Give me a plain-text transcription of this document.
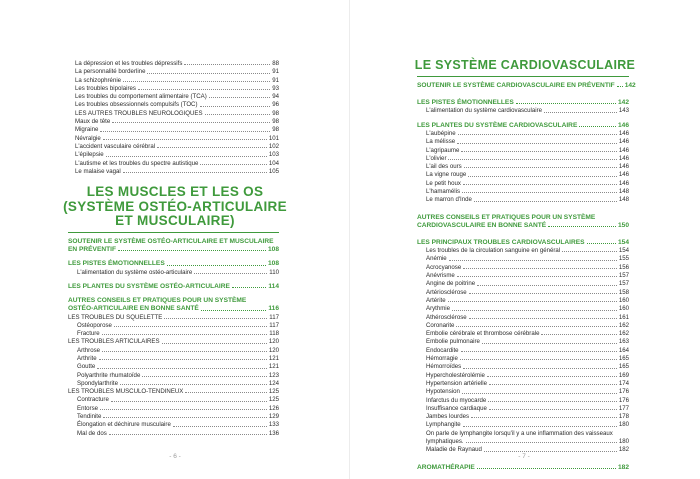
La dépression et les troubles dépressifs	88
La personnalité borderline	91
La schizophrénie	91
Les troubles bipolaires	93
Les troubles du comportement alimentaire (TCA)	94
Les troubles obsessionnels compulsifs (TOC)	96
LES AUTRES TROUBLES NEUROLOGIQUES	98
Maux de tête	98
Migraine	98
Névralgie	101
L'accident vasculaire cérébral	102
L'épilepsie	103
L'autisme et les troubles du spectre autistique	104
Le malaise vagal	105
LES MUSCLES ET LES OS
(SYSTÈME OSTÉO-ARTICULAIRE
ET MUSCULAIRE)
SOUTENIR LE SYSTÈME OSTÉO-ARTICULAIRE ET MUSCULAIRE
EN PRÉVENTIF	108
LES PISTES ÉMOTIONNELLES	108
L'alimentation du système ostéo-articulaire	110
LES PLANTES DU SYSTÈME OSTÉO-ARTICULAIRE	114
AUTRES CONSEILS ET PRATIQUES POUR UN SYSTÈME
OSTÉO-ARTICULAIRE EN BONNE SANTÉ	116
LES TROUBLES DU SQUELETTE	117
Ostéoporose	117
Fracture	118
LES TROUBLES ARTICULAIRES	120
Arthrose	120
Arthrite	121
Goutte	121
Polyarthrite rhumatoïde	123
Spondylarthrite	124
LES TROUBLES MUSCULO-TENDINEUX	125
Contracture	125
Entorse	126
Tendinite	129
Élongation et déchirure musculaire	133
Mal de dos	136
- 6 -
LE SYSTÈME CARDIOVASCULAIRE
SOUTENIR LE SYSTÈME CARDIOVASCULAIRE EN PRÉVENTIF 142
LES PISTES ÉMOTIONNELLES	142
L'alimentation du système cardiovasculaire	143
LES PLANTES DU SYSTÈME CARDIOVASCULAIRE	146
L'aubépine	146
La mélisse	146
L'agripaume	146
L'olivier	146
L'ail des ours	146
La vigne rouge	146
Le petit houx	146
L'hamamélis	148
Le marron d'Inde	148
AUTRES CONSEILS ET PRATIQUES POUR UN SYSTÈME
CARDIOVASCULAIRE EN BONNE SANTÉ	150
LES PRINCIPAUX TROUBLES CARDIOVASCULAIRES	154
Les troubles de la circulation sanguine en général	154
Anémie	155
Acrocyanose	156
Anévrisme	157
Angine de poitrine	157
Artériosclérose	158
Artérite	160
Arythmie	160
Athérosclérose	161
Coronarite	162
Embolie cérébrale et thrombose cérébrale	162
Embolie pulmonaire	163
Endocardite	164
Hémorragie	165
Hémorroïdes	165
Hypercholestérolémie	169
Hypertension artérielle	174
Hypotension	176
Infarctus du myocarde	176
Insuffisance cardiaque	177
Jambes lourdes	178
Lymphangite	180
On parle de lymphangite lorsqu'il y a une inflammation des vaisseaux
lymphatiques.	180
Maladie de Raynaud	182
AROMATHÉRAPIE	182
- 7 -
